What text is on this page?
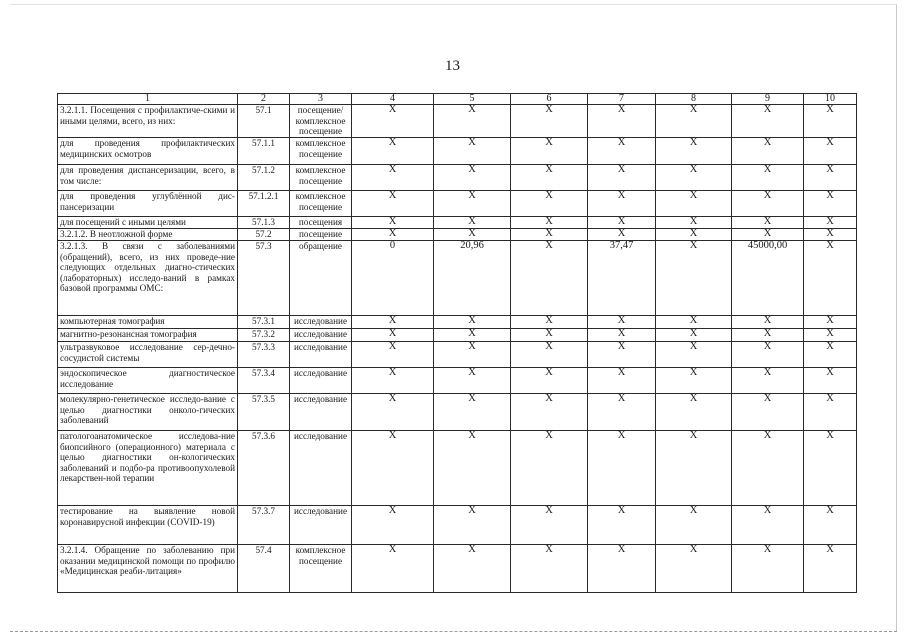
13
1	2	3	4	5	6	7	8	9	10
3.2.1.1. Посещения с профилактиче-скими и иными целями, всего, из них:	57.1	посещение/ комплексное посещение	X	X	X	X	X	X	X
для проведения профилактических медицинских осмотров	57.1.1	комплексное посещение	X	X	X	X	X	X	X
для проведения диспансеризации, всего, в том числе:	57.1.2	комплексное посещение	X	X	X	X	X	X	X
для проведения углублённой дис-пансеризации	57.1.2.1	комплексное посещение	X	X	X	X	X	X	X
для посещений с иными целями	57.1.3	посещения	X	X	X	X	X	X	X
3.2.1.2. В неотложной форме	57.2	посещение	X	X	X	X	X	X	X
3.2.1.3. В связи с заболеваниями (обращений), всего, из них проведе-ние следующих отдельных диагно-стических (лабораторных) исследо-ваний в рамках базовой программы ОМС:	57.3	обращение	0	20,96	X	37,47	X	45000,00	X
компьютерная томография	57.3.1	исследование	X	X	X	X	X	X	X
магнитно-резонансная томография	57.3.2	исследование	X	X	X	X	X	X	X
ультразвуковое исследование сер-дечно-сосудистой системы	57.3.3	исследование	X	X	X	X	X	X	X
эндоскопическое диагностическое исследование	57.3.4	исследование	X	X	X	X	X	X	X
молекулярно-генетическое исследо-вание с целью диагностики онколо-гических заболеваний	57.3.5	исследование	X	X	X	X	X	X	X
патологоанатомическое исследова-ние биопсийного (операционного) материала с целью диагностики он-кологических заболеваний и подбо-ра противоопухолевой лекарствен-ной терапии	57.3.6	исследование	X	X	X	X	X	X	X
тестирование на выявление новой коронавирусной инфекции (COVID-19)	57.3.7	исследование	X	X	X	X	X	X	X
3.2.1.4. Обращение по заболеванию при оказании медицинской помощи по профилю «Медицинская реаби-литация»	57.4	комплексное посещение	X	X	X	X	X	X	X
